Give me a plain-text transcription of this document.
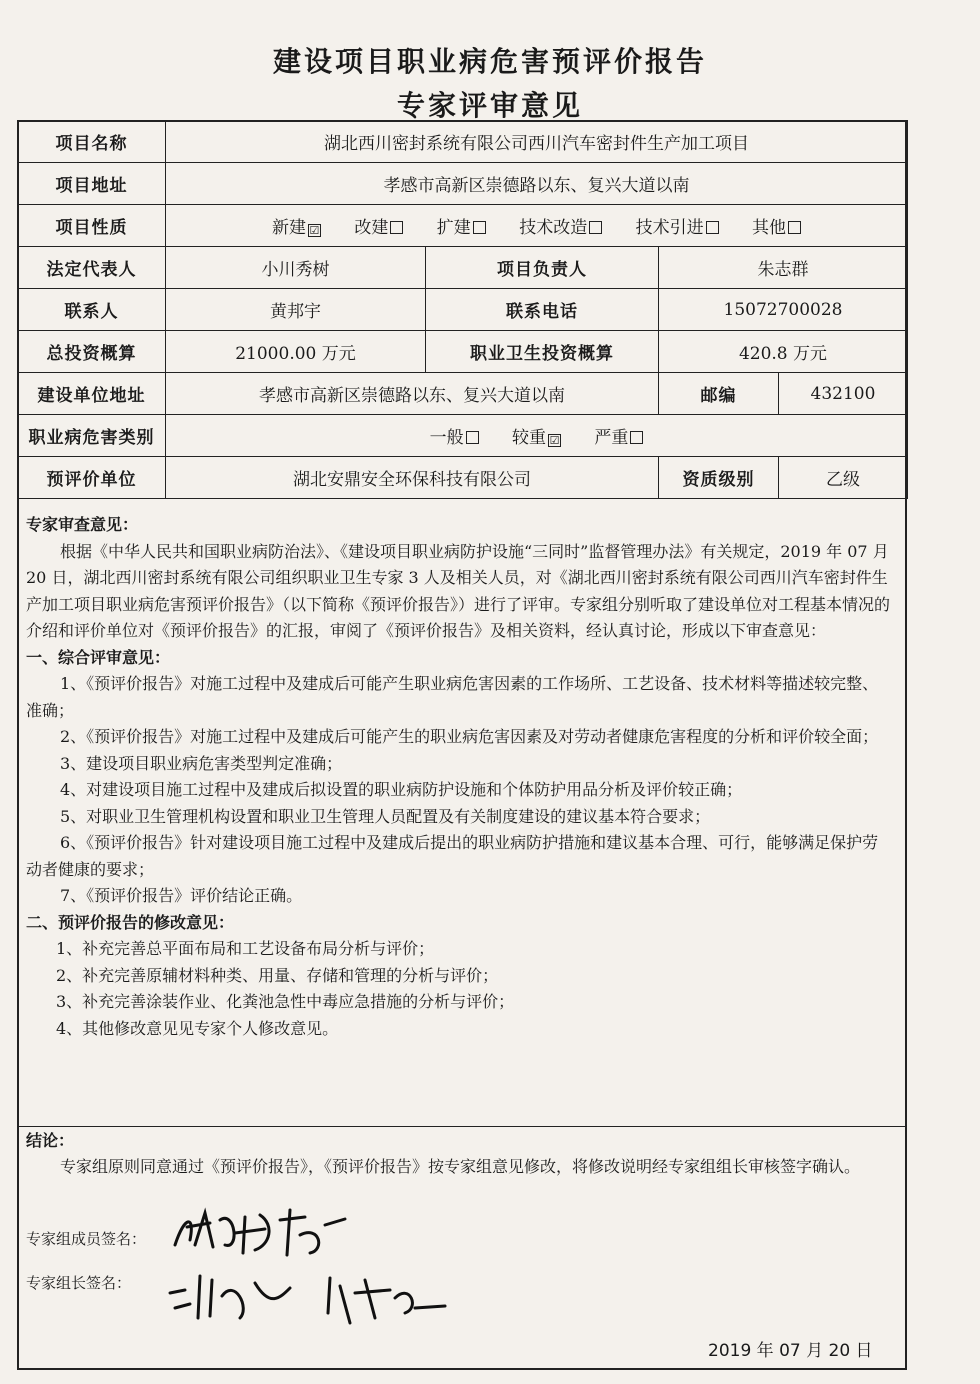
建设项目职业病危害预评价报告
专家评审意见
项目名称	湖北西川密封系统有限公司西川汽车密封件生产加工项目			
项目地址	孝感市高新区崇德路以东、复兴大道以南			
项目性质	新建 ☑ 改建 扩建 技术改造 技术引进 其他			
法定代表人	小川秀树	项目负责人	朱志群	
联系人	黄邦宇	联系电话	15072700028	
总投资概算	21000.00 万元	职业卫生投资概算	420.8 万元	
建设单位地址	孝感市高新区崇德路以东、复兴大道以南		邮编	432100
职业病危害类别	一般 较重 ☑ 严重			
预评价单位	湖北安鼎安全环保科技有限公司		资质级别	乙级

专家审查意见：

根据《中华人民共和国职业病防治法》、《建设项目职业病防护设施“三同时”监督管理办法》有关规定，2019 年 07 月 20 日，湖北西川密封系统有限公司组织职业卫生专家 3 人及相关人员，对《湖北西川密封系统有限公司西川汽车密封件生产加工项目职业病危害预评价报告》（以下简称《预评价报告》）进行了评审。专家组分别听取了建设单位对工程基本情况的介绍和评价单位对《预评价报告》的汇报，审阅了《预评价报告》及相关资料，经认真讨论，形成以下审查意见：

一、综合评审意见：

1、《预评价报告》对施工过程中及建成后可能产生职业病危害因素的工作场所、工艺设备、技术材料等描述较完整、准确；

2、《预评价报告》对施工过程中及建成后可能产生的职业病危害因素及对劳动者健康危害程度的分析和评价较全面；

3、建设项目职业病危害类型判定准确；

4、对建设项目施工过程中及建成后拟设置的职业病防护设施和个体防护用品分析及评价较正确；

5、对职业卫生管理机构设置和职业卫生管理人员配置及有关制度建设的建议基本符合要求；

6、《预评价报告》针对建设项目施工过程中及建成后提出的职业病防护措施和建议基本合理、可行，能够满足保护劳动者健康的要求；

7、《预评价报告》评价结论正确。

二、预评价报告的修改意见：

1、补充完善总平面布局和工艺设备布局分析与评价；

2、补充完善原辅材料种类、用量、存储和管理的分析与评价；

3、补充完善涂装作业、化粪池急性中毒应急措施的分析与评价；

4、其他修改意见见专家个人修改意见。

结论：

专家组原则同意通过《预评价报告》，《预评价报告》按专家组意见修改，将修改说明经专家组组长审核签字确认。

专家组成员签名：
专家组长签名：
2019 年 07 月 20 日
